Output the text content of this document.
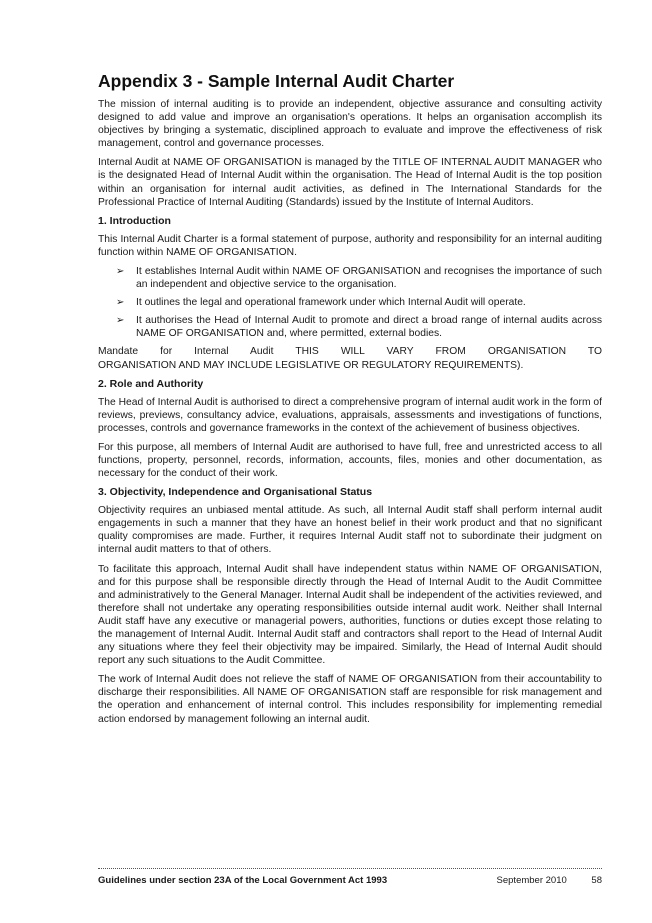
Appendix 3 - Sample Internal Audit Charter

The mission of internal auditing is to provide an independent, objective assurance and consulting activity designed to add value and improve an organisation's operations. It helps an organisation accomplish its objectives by bringing a systematic, disciplined approach to evaluate and improve the effectiveness of risk management, control and governance processes.

Internal Audit at NAME OF ORGANISATION is managed by the TITLE OF INTERNAL AUDIT MANAGER who is the designated Head of Internal Audit within the organisation. The Head of Internal Audit is the top position within an organisation for internal audit activities, as defined in The International Standards for the Professional Practice of Internal Auditing (Standards) issued by the Institute of Internal Auditors.

1. Introduction

This Internal Audit Charter is a formal statement of purpose, authority and responsibility for an internal auditing function within NAME OF ORGANISATION.

➢ It establishes Internal Audit within NAME OF ORGANISATION and recognises the importance of such an independent and objective service to the organisation.
➢ It outlines the legal and operational framework under which Internal Audit will operate.
➢ It authorises the Head of Internal Audit to promote and direct a broad range of internal audits across NAME OF ORGANISATION and, where permitted, external bodies.

Mandate for Internal Audit THIS WILL VARY FROM ORGANISATION TO

ORGANISATION AND MAY INCLUDE LEGISLATIVE OR REGULATORY REQUIREMENTS).

2. Role and Authority

The Head of Internal Audit is authorised to direct a comprehensive program of internal audit work in the form of reviews, previews, consultancy advice, evaluations, appraisals, assessments and investigations of functions, processes, controls and governance frameworks in the context of the achievement of business objectives.

For this purpose, all members of Internal Audit are authorised to have full, free and unrestricted access to all functions, property, personnel, records, information, accounts, files, monies and other documentation, as necessary for the conduct of their work.

3. Objectivity, Independence and Organisational Status

Objectivity requires an unbiased mental attitude. As such, all Internal Audit staff shall perform internal audit engagements in such a manner that they have an honest belief in their work product and that no significant quality compromises are made. Further, it requires Internal Audit staff not to subordinate their judgment on internal audit matters to that of others.

To facilitate this approach, Internal Audit shall have independent status within NAME OF ORGANISATION, and for this purpose shall be responsible directly through the Head of Internal Audit to the Audit Committee and administratively to the General Manager. Internal Audit shall be independent of the activities reviewed, and therefore shall not undertake any operating responsibilities outside internal audit work. Neither shall Internal Audit staff have any executive or managerial powers, authorities, functions or duties except those relating to the management of Internal Audit. Internal Audit staff and contractors shall report to the Head of Internal Audit any situations where they feel their objectivity may be impaired. Similarly, the Head of Internal Audit should report any such situations to the Audit Committee.

The work of Internal Audit does not relieve the staff of NAME OF ORGANISATION from their accountability to discharge their responsibilities. All NAME OF ORGANISATION staff are responsible for risk management and the operation and enhancement of internal control. This includes responsibility for implementing remedial action endorsed by management following an internal audit.

Guidelines under section 23A of the Local Government Act 1993	September 2010	58
